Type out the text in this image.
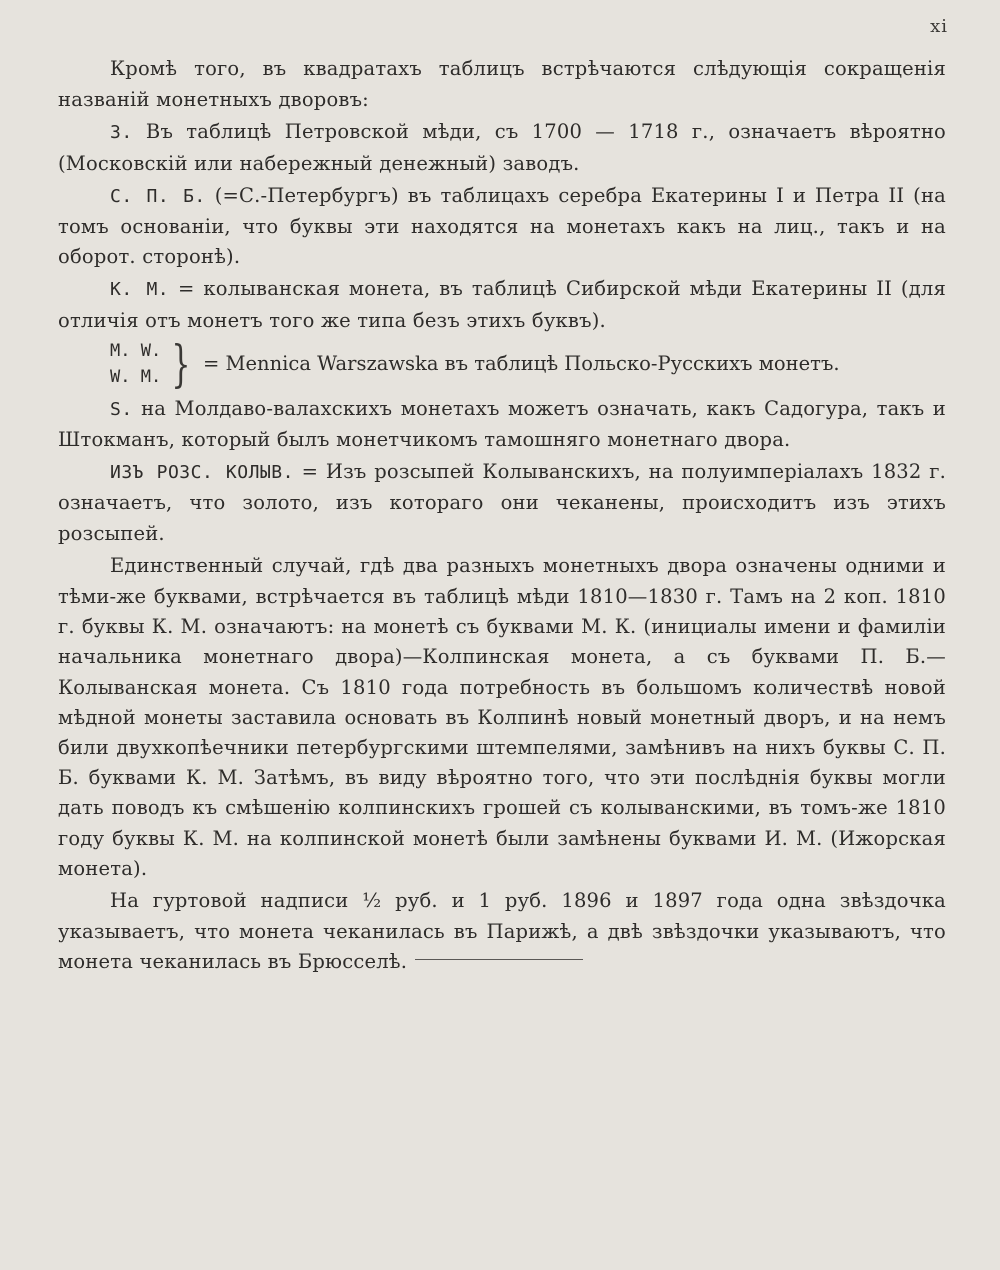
xi

Кромѣ того, въ квадратахъ таблицъ встрѣчаются слѣдующія сокращенія названій монетныхъ дворовъ:

З. Въ таблицѣ Петровской мѣди, съ 1700 — 1718 г., означаетъ вѣроятно (Московскій или набережный денежный) заводъ.

С. П. Б. (=С.-Петербургъ) въ таблицахъ серебра Екатерины I и Петра II (на томъ основаніи, что буквы эти находятся на монетахъ какъ на лиц., такъ и на оборот. сторонѣ).

К. М. = колыванская монета, въ таблицѣ Сибирской мѣди Екатерины II (для отличія отъ монетъ того же типа безъ этихъ буквъ).

M. W.
W. M. } = Mennica Warszawska въ таблицѣ Польско-Русскихъ монетъ.

S. на Молдаво-валахскихъ монетахъ можетъ означать, какъ Садогура, такъ и Штокманъ, который былъ монетчикомъ тамошняго монетнаго двора.

ИЗЪ РОЗС. КОЛЫВ. = Изъ розсыпей Колыванскихъ, на полуимперіалахъ 1832 г. означаетъ, что золото, изъ котораго они чеканены, происходитъ изъ этихъ розсыпей.

Единственный случай, гдѣ два разныхъ монетныхъ двора означены одними и тѣми-же буквами, встрѣчается въ таблицѣ мѣди 1810—1830 г. Тамъ на 2 коп. 1810 г. буквы К. М. означаютъ: на монетѣ съ буквами М. К. (инициалы имени и фамиліи начальника монетнаго двора)—Колпинская монета, а съ буквами П. Б.—Колыванская монета. Съ 1810 года потребность въ большомъ количествѣ новой мѣдной монеты заставила основать въ Колпинѣ новый монетный дворъ, и на немъ били двухкопѣечники петербургскими штемпелями, замѣнивъ на нихъ буквы С. П. Б. буквами К. М. Затѣмъ, въ виду вѣроятно того, что эти послѣднія буквы могли дать поводъ къ смѣшенію колпинскихъ грошей съ колыванскими, въ томъ-же 1810 году буквы К. М. на колпинской монетѣ были замѣнены буквами И. М. (Ижорская монета).

На гуртовой надписи ½ руб. и 1 руб. 1896 и 1897 года одна звѣздочка указываетъ, что монета чеканилась въ Парижѣ, а двѣ звѣздочки указываютъ, что монета чеканилась въ Брюсселѣ.
